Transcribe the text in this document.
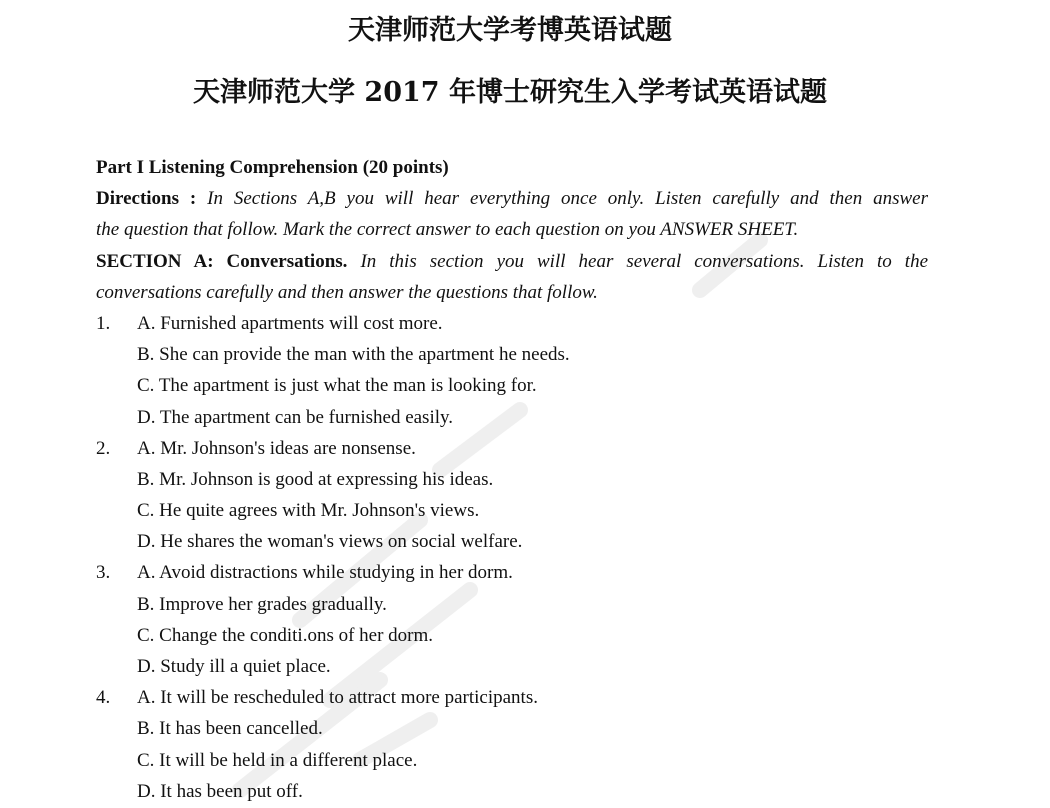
天津师范大学考博英语试题
天津师范大学 2017 年博士研究生入学考试英语试题
Part I Listening Comprehension (20 points)
Directions : In Sections A,B you will hear everything once only. Listen carefully and then answer
the question that follow. Mark the correct answer to each question on you ANSWER SHEET.
SECTION A: Conversations. In this section you will hear several conversations. Listen to the
conversations carefully and then answer the questions that follow.
1. A. Furnished apartments will cost more.
B. She can provide the man with the apartment he needs.
C. The apartment is just what the man is looking for.
D. The apartment can be furnished easily.
2. A. Mr. Johnson's ideas are nonsense.
B. Mr. Johnson is good at expressing his ideas.
C. He quite agrees with Mr. Johnson's views.
D. He shares the woman's views on social welfare.
3. A. Avoid distractions while studying in her dorm.
B. Improve her grades gradually.
C. Change the conditi.ons of her dorm.
D. Study ill a quiet place.
4. A. It will be rescheduled to attract more participants.
B. It has been cancelled.
C. It will be held in a different place.
D. It has been put off.
